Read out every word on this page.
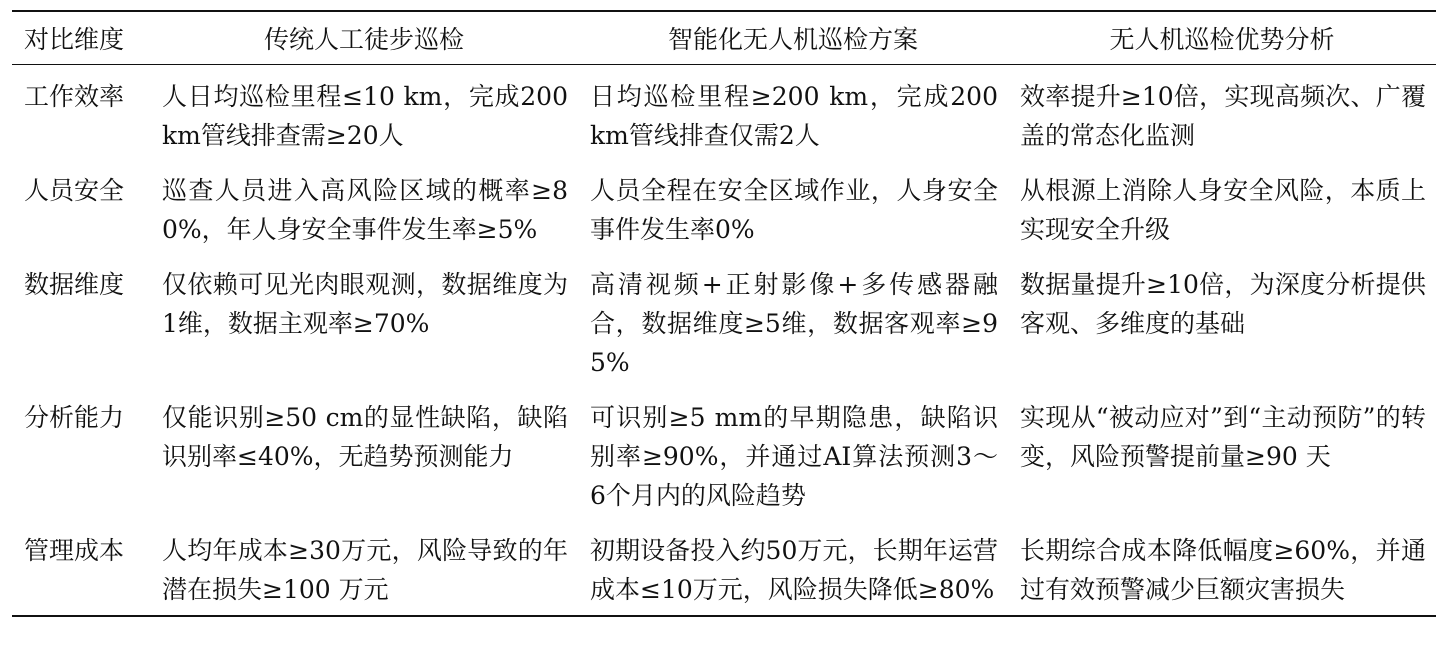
对比维度	传统人工徒步巡检	智能化无人机巡检方案	无人机巡检优势分析
工作效率	人日均巡检里程≤10 km，完成200 km管线排查需≥20人	日均巡检里程≥200 km，完成200 km管线排查仅需2人	效率提升≥10倍，实现高频次、广覆盖的常态化监测
人员安全	巡查人员进入高风险区域的概率≥80%，年人身安全事件发生率≥5%	人员全程在安全区域作业，人身安全事件发生率0%	从根源上消除人身安全风险，本质上实现安全升级
数据维度	仅依赖可见光肉眼观测，数据维度为1维，数据主观率≥70%	高清视频+正射影像+多传感器融合，数据维度≥5维，数据客观率≥95%	数据量提升≥10倍，为深度分析提供客观、多维度的基础
分析能力	仅能识别≥50 cm的显性缺陷，缺陷识别率≤40%，无趋势预测能力	可识别≥5 mm的早期隐患，缺陷识别率≥90%，并通过AI算法预测3～6个月内的风险趋势	实现从“被动应对”到“主动预防”的转变，风险预警提前量≥90 天
管理成本	人均年成本≥30万元，风险导致的年潜在损失≥100 万元	初期设备投入约50万元，长期年运营成本≤10万元，风险损失降低≥80%	长期综合成本降低幅度≥60%，并通过有效预警减少巨额灾害损失
